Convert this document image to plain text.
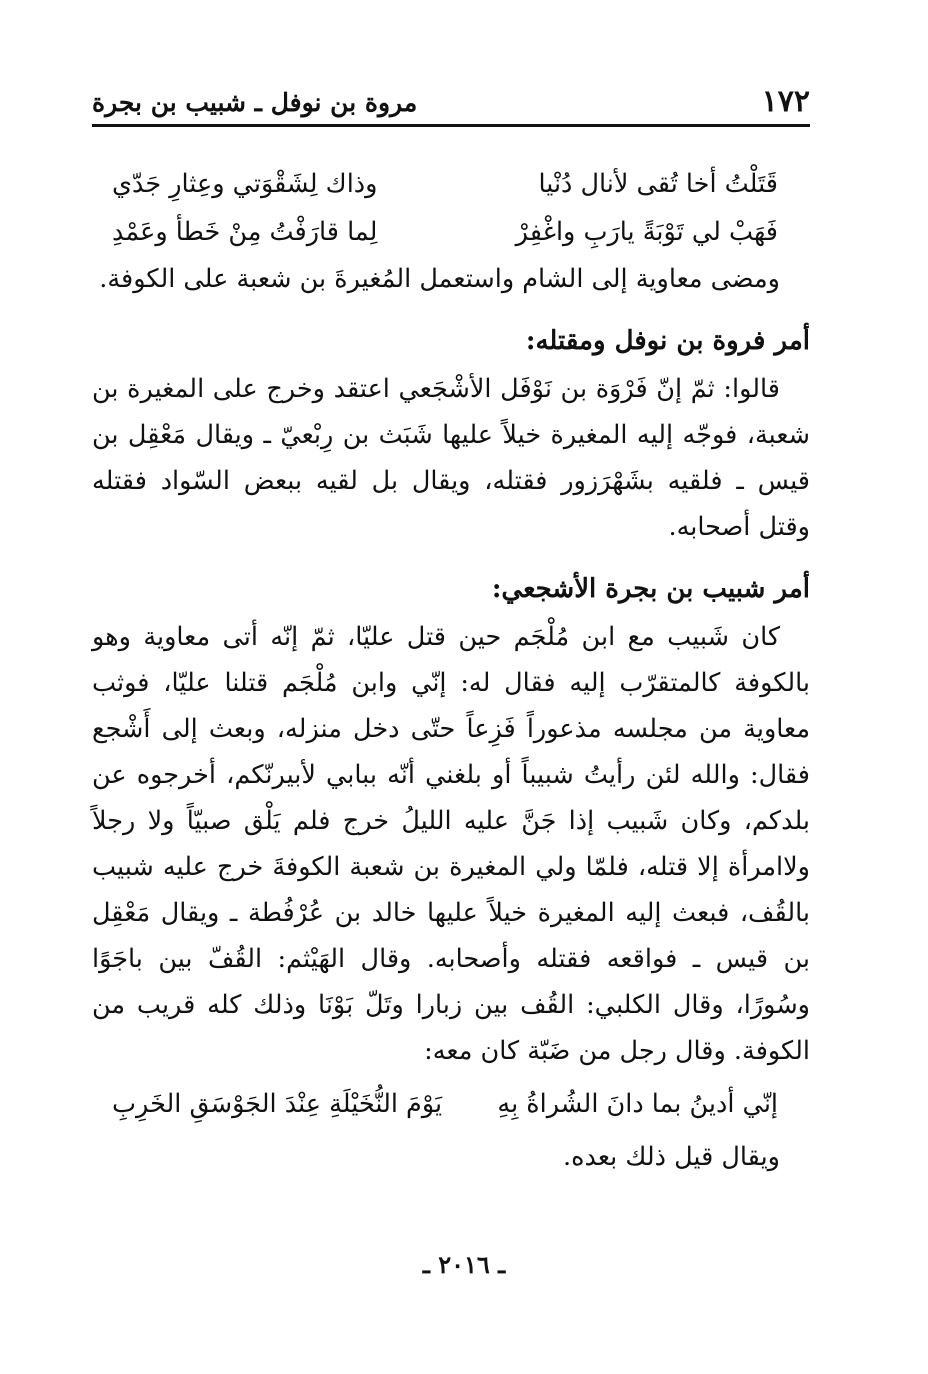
١٧٢
مروة بن نوفل ـ شبيب بن بجرة
قَتَلْتُ أخا تُقى لأنال دُنْيا
وذاك لِشَقْوَتي وعِثارِ جَدّي
فَهَبْ لي تَوْبَةً يارَبِ واغْفِرْ
لِما قارَفْتُ مِنْ خَطأ وعَمْدِ

ومضى معاوية إلى الشام واستعمل المُغيرةَ بن شعبة على الكوفة.

أمر فروة بن نوفل ومقتله:

قالوا: ثمّ إنّ فَرْوَة بن نَوْفَل الأشْجَعي اعتقد وخرج على المغيرة بن شعبة، فوجّه إليه المغيرة خيلاً عليها شَبَث بن رِبْعيّ ـ ويقال مَعْقِل بن قيس ـ فلقيه بشَهْرَزور فقتله، ويقال بل لقيه ببعض السّواد فقتله وقتل أصحابه.

أمر شبيب بن بجرة الأشجعي:

كان شَبيب مع ابن مُلْجَم حين قتل عليّا، ثمّ إنّه أتى معاوية وهو بالكوفة كالمتقرّب إليه فقال له: إنّي وابن مُلْجَم قتلنا عليّا، فوثب معاوية من مجلسه مذعوراً فَزِعاً حتّى دخل منزله، وبعث إلى أَشْجع فقال: والله لئن رأيتُ شبيباً أو بلغني أنّه ببابي لأبيرنّكم، أخرجوه عن بلدكم، وكان شَبيب إذا جَنَّ عليه الليلُ خرج فلم يَلْق صبيّاً ولا رجلاً ولاامرأة إلا قتله، فلمّا ولي المغيرة بن شعبة الكوفةَ خرج عليه شبيب بالقُف، فبعث إليه المغيرة خيلاً عليها خالد بن عُرْفُطة ـ ويقال مَعْقِل بن قيس ـ فواقعه فقتله وأصحابه. وقال الهَيْثم: القُفّ بين باجَوًا وسُورًا، وقال الكلبي: القُف بين زبارا وتَلّ بَوْنَا وذلك كله قريب من الكوفة. وقال رجل من ضَبّة كان معه:

إنّي أدينُ بما دانَ الشُراةُ بِهِ
يَوْمَ النُّخَيْلَةِ عِنْدَ الجَوْسَقِ الخَرِبِ

ويقال قيل ذلك بعده.

ـ ٢٠١٦ ـ
